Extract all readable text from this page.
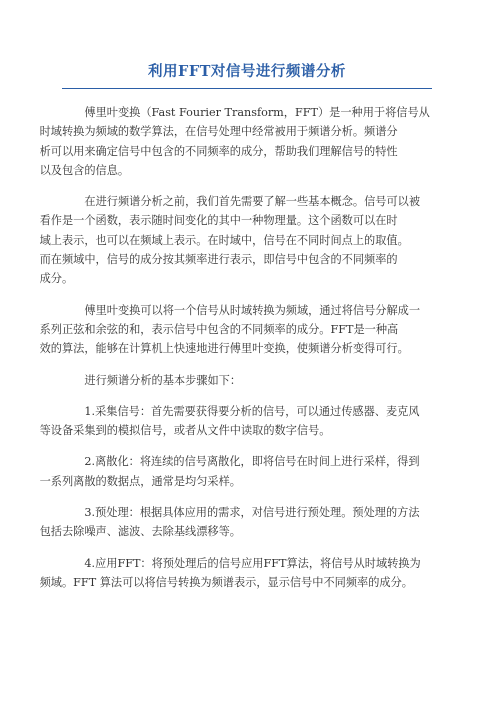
利用FFT对信号进行频谱分析

傅里叶变换（Fast Fourier Transform，FFT）是一种用于将信号从
时域转换为频域的数学算法，在信号处理中经常被用于频谱分析。频谱分
析可以用来确定信号中包含的不同频率的成分，帮助我们理解信号的特性
以及包含的信息。

在进行频谱分析之前，我们首先需要了解一些基本概念。信号可以被
看作是一个函数，表示随时间变化的其中一种物理量。这个函数可以在时
域上表示，也可以在频域上表示。在时域中，信号在不同时间点上的取值。
而在频域中，信号的成分按其频率进行表示，即信号中包含的不同频率的
成分。

傅里叶变换可以将一个信号从时域转换为频域，通过将信号分解成一
系列正弦和余弦的和，表示信号中包含的不同频率的成分。FFT是一种高
效的算法，能够在计算机上快速地进行傅里叶变换，使频谱分析变得可行。

进行频谱分析的基本步骤如下：

1.采集信号：首先需要获得要分析的信号，可以通过传感器、麦克风
等设备采集到的模拟信号，或者从文件中读取的数字信号。

2.离散化：将连续的信号离散化，即将信号在时间上进行采样，得到
一系列离散的数据点，通常是均匀采样。

3.预处理：根据具体应用的需求，对信号进行预处理。预处理的方法
包括去除噪声、滤波、去除基线漂移等。

4.应用FFT：将预处理后的信号应用FFT算法，将信号从时域转换为
频域。FFT 算法可以将信号转换为频谱表示，显示信号中不同频率的成分。
